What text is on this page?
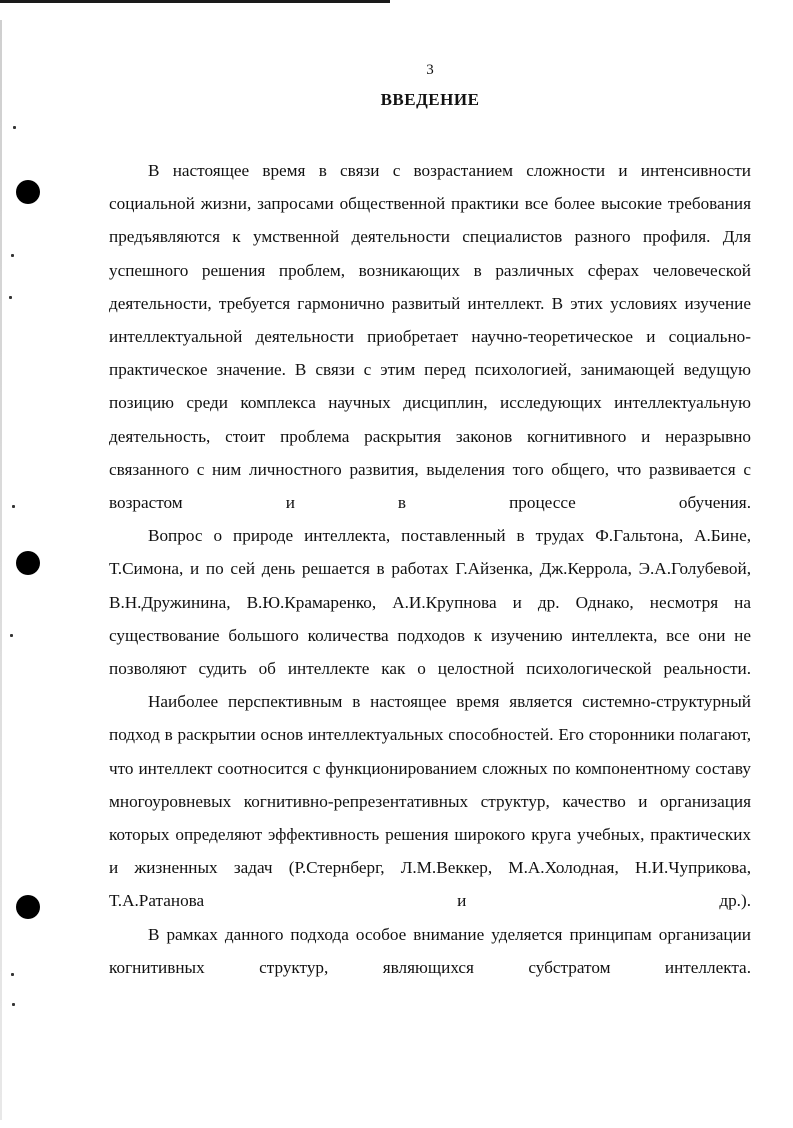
3
ВВЕДЕНИЕ

В настоящее время в связи с возрастанием сложности и интенсивности социальной жизни, запросами общественной практики все более высокие требования предъявляются к умственной деятельности специалистов разного профиля. Для успешного решения проблем, возникающих в различных сферах человеческой деятельности, требуется гармонично развитый интеллект. В этих условиях изучение интеллектуальной деятельности приобретает научно-теоретическое и социально-практическое значение. В связи с этим перед психологией, занимающей ведущую позицию среди комплекса научных дисциплин, исследующих интеллектуальную деятельность, стоит проблема раскрытия законов когнитивного и неразрывно связанного с ним личностного развития, выделения того общего, что развивается с возрастом и в процессе обучения.

Вопрос о природе интеллекта, поставленный в трудах Ф.Гальтона, А.Бине, Т.Симона, и по сей день решается в работах Г.Айзенка, Дж.Керрола, Э.А.Голубевой, В.Н.Дружинина, В.Ю.Крамаренко, А.И.Крупнова и др. Однако, несмотря на существование большого количества подходов к изучению интеллекта, все они не позволяют судить об интеллекте как о целостной психологической реальности.

Наиболее перспективным в настоящее время является системно-структурный подход в раскрытии основ интеллектуальных способностей. Его сторонники полагают, что интеллект соотносится с функционированием сложных по компонентному составу многоуровневых когнитивно-репрезентативных структур, качество и организация которых определяют эффективность решения широкого круга учебных, практических и жизненных задач (Р.Стернберг, Л.М.Веккер, М.А.Холодная, Н.И.Чуприкова, Т.А.Ратанова и др.).

В рамках данного подхода особое внимание уделяется принципам организации когнитивных структур, являющихся субстратом интеллекта.
